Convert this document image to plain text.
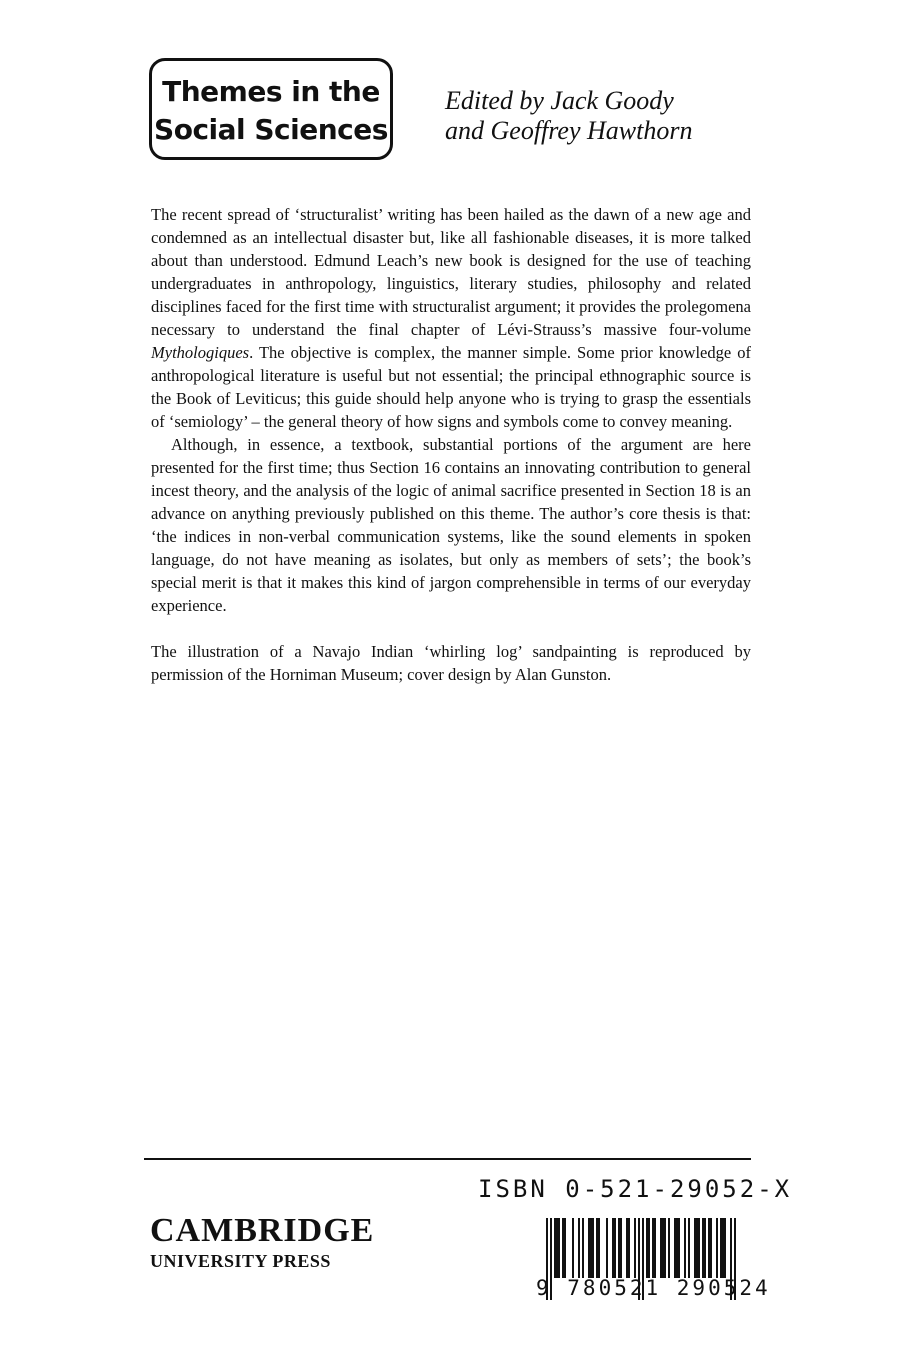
Themes in the
Social Sciences
Edited by Jack Goody
and Geoffrey Hawthorn

The recent spread of ‘structuralist’ writing has been hailed as the dawn of a new age and condemned as an intellectual disaster but, like all fashionable diseases, it is more talked about than understood. Edmund Leach’s new book is designed for the use of teaching undergraduates in anthropology, linguistics, literary studies, philosophy and related disciplines faced for the first time with structuralist argument; it provides the prolegomena necessary to understand the final chapter of Lévi-Strauss’s massive four-volume Mythologiques. The objective is complex, the manner simple. Some prior knowledge of anthropological literature is useful but not essential; the principal ethnographic source is the Book of Leviticus; this guide should help anyone who is trying to grasp the essentials of ‘semiology’ – the general theory of how signs and symbols come to convey meaning.

Although, in essence, a textbook, substantial portions of the argument are here presented for the first time; thus Section 16 contains an innovating contribution to general incest theory, and the analysis of the logic of animal sacrifice presented in Section 18 is an advance on anything previously published on this theme. The author’s core thesis is that: ‘the indices in non-verbal communication systems, like the sound elements in spoken language, do not have meaning as isolates, but only as members of sets’; the book’s special merit is that it makes this kind of jargon comprehensible in terms of our everyday experience.

The illustration of a Navajo Indian ‘whirling log’ sandpainting is reproduced by permission of the Horniman Museum; cover design by Alan Gunston.

ISBN 0-521-29052-X
CAMBRIDGE
UNIVERSITY PRESS
9 780521 290524
